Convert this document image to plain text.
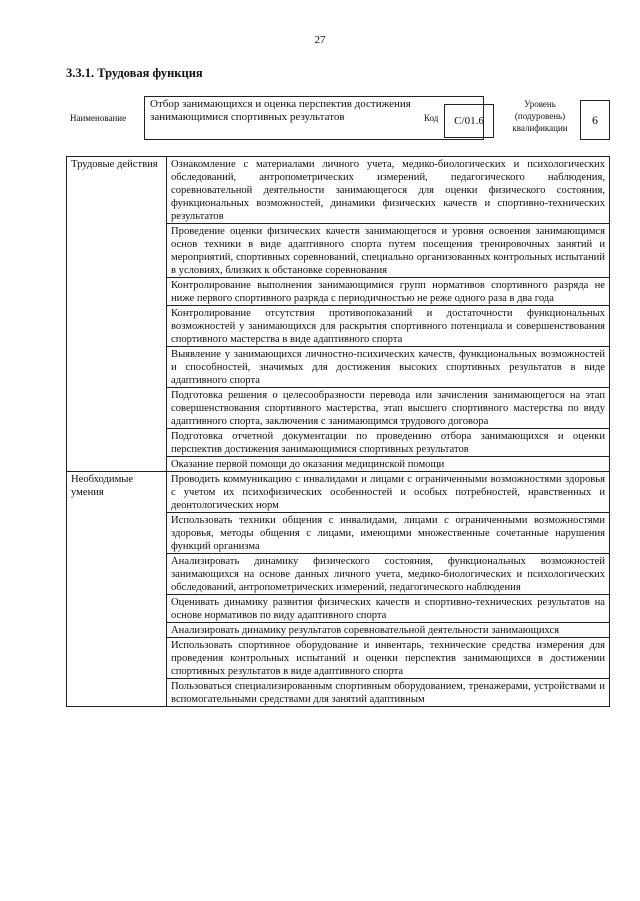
27
3.3.1. Трудовая функция
Наименование
Отбор занимающихся и оценка перспектив достижения занимающимися спортивных результатов	Код С/01.6
Уровень (подуровень) квалификации
6
Трудовые действия	Ознакомление с материалами личного учета, медико-биологических и психологических обследований, антропометрических измерений, педагогического наблюдения, соревновательной деятельности занимающегося для оценки физического состояния, функциональных возможностей, динамики физических качеств и спортивно-технических результатов
	Проведение оценки физических качеств занимающегося и уровня освоения занимающимся основ техники в виде адаптивного спорта путем посещения тренировочных занятий и мероприятий, спортивных соревнований, специально организованных контрольных испытаний в условиях, близких к обстановке соревнования
	Контролирование выполнения занимающимися групп нормативов спортивного разряда не ниже первого спортивного разряда с периодичностью не реже одного раза в два года
	Контролирование отсутствия противопоказаний и достаточности функциональных возможностей у занимающихся для раскрытия спортивного потенциала и совершенствования спортивного мастерства в виде адаптивного спорта
	Выявление у занимающихся личностно-психических качеств, функциональных возможностей и способностей, значимых для достижения высоких спортивных результатов в виде адаптивного спорта
	Подготовка решения о целесообразности перевода или зачисления занимающегося на этап совершенствования спортивного мастерства, этап высшего спортивного мастерства по виду адаптивного спорта, заключения с занимающимся трудового договора
	Подготовка отчетной документации по проведению отбора занимающихся и оценки перспектив достижения занимающимися спортивных результатов
	Оказание первой помощи до оказания медицинской помощи
Необходимые умения	Проводить коммуникацию с инвалидами и лицами с ограниченными возможностями здоровья с учетом их психофизических особенностей и особых потребностей, нравственных и деонтологических норм
	Использовать техники общения с инвалидами, лицами с ограниченными возможностями здоровья, методы общения с лицами, имеющими множественные сочетанные нарушения функций организма
	Анализировать динамику физического состояния, функциональных возможностей занимающихся на основе данных личного учета, медико-биологических и психологических обследований, антропометрических измерений, педагогического наблюдения
	Оценивать динамику развития физических качеств и спортивно-технических результатов на основе нормативов по виду адаптивного спорта
	Анализировать динамику результатов соревновательной деятельности занимающихся
	Использовать спортивное оборудование и инвентарь, технические средства измерения для проведения контрольных испытаний и оценки перспектив занимающихся в достижении спортивных результатов в виде адаптивного спорта

	Пользоваться специализированным спортивным оборудованием, тренажерами, устройствами и вспомогательными средствами для занятий адаптивным
